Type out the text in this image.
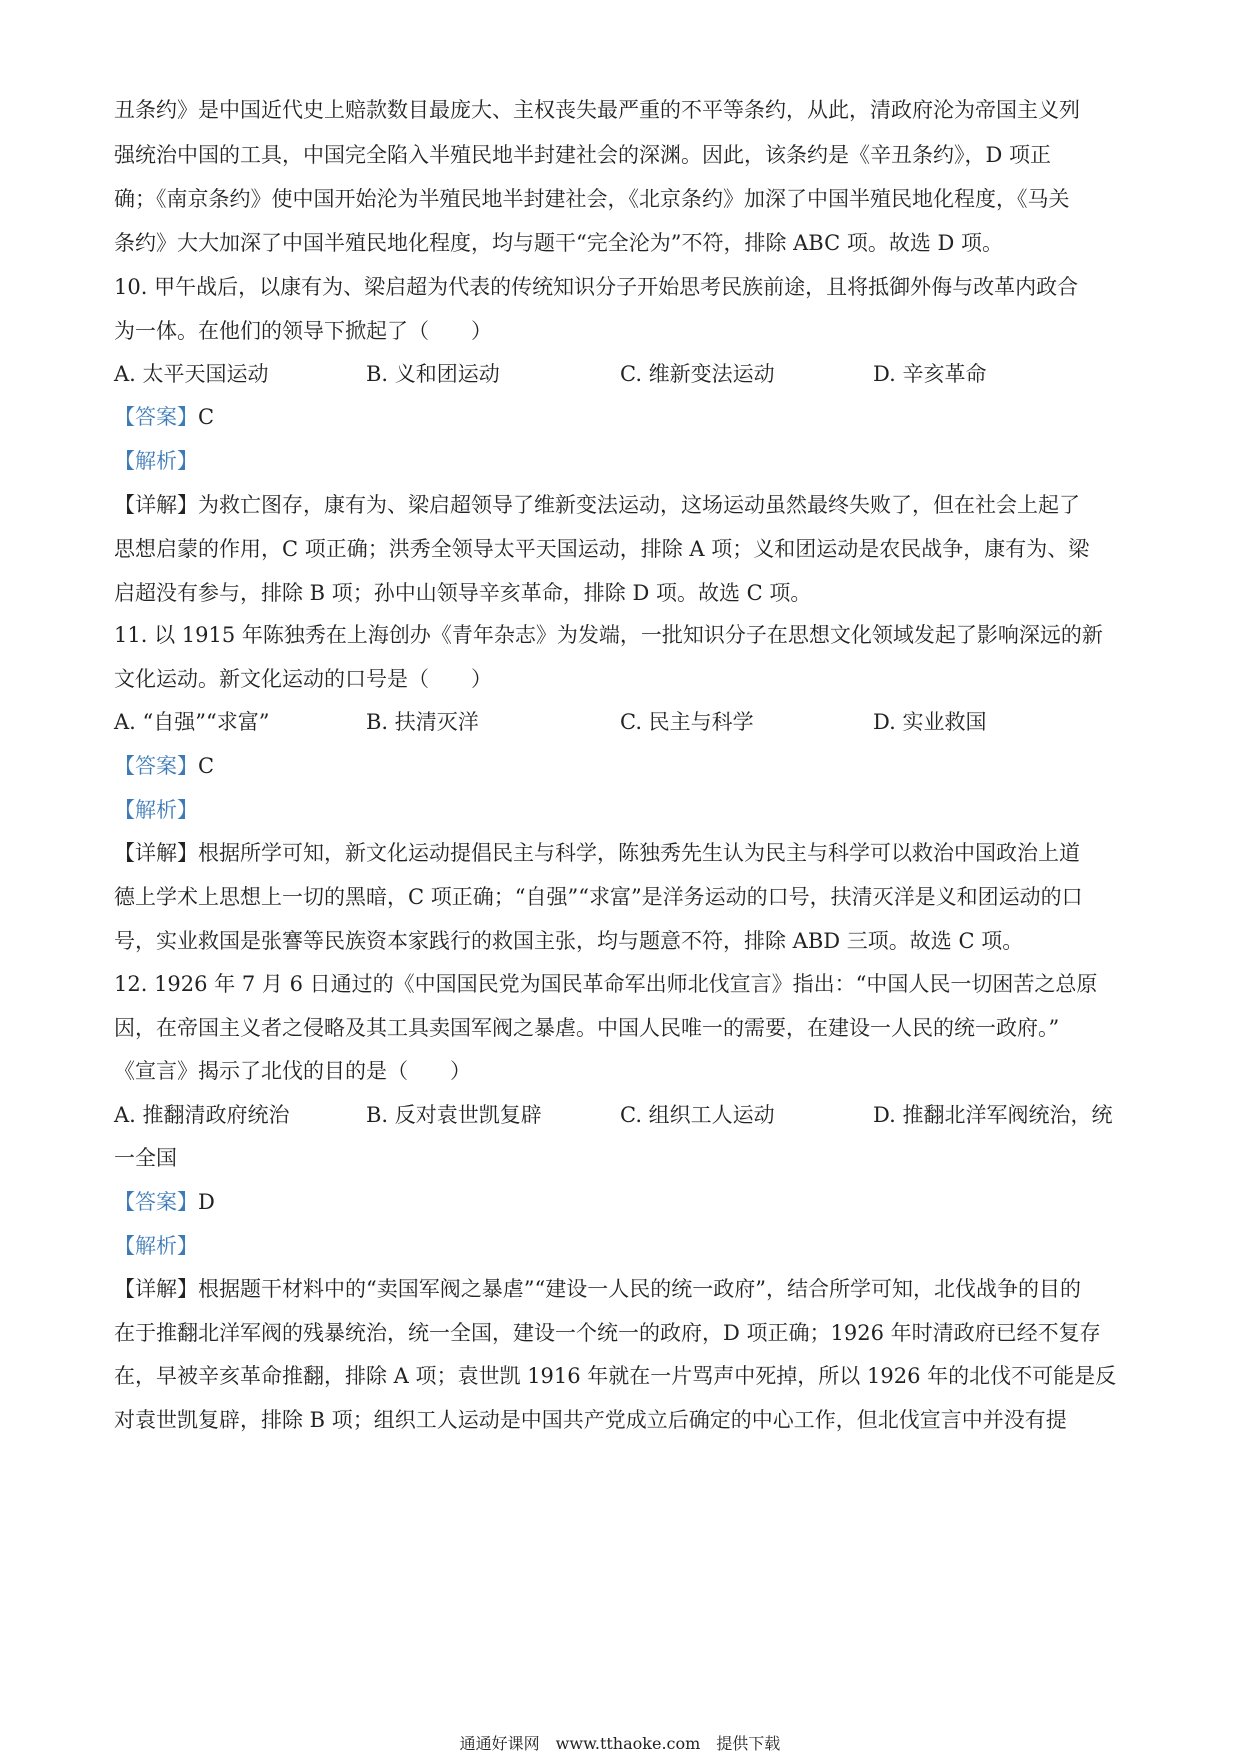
丑条约》是中国近代史上赔款数目最庞大、主权丧失最严重的不平等条约，从此，清政府沦为帝国主义列
强统治中国的工具，中国完全陷入半殖民地半封建社会的深渊。因此，该条约是《辛丑条约》，D 项正
确；《南京条约》使中国开始沦为半殖民地半封建社会，《北京条约》加深了中国半殖民地化程度，《马关
条约》大大加深了中国半殖民地化程度，均与题干“完全沦为”不符，排除 ABC 项。故选 D 项。
10. 甲午战后，以康有为、梁启超为代表的传统知识分子开始思考民族前途，且将抵御外侮与改革内政合
为一体。在他们的领导下掀起了（　　）
A. 太平天国运动	B. 义和团运动	C. 维新变法运动	D. 辛亥革命
【答案】C
【解析】
【详解】为救亡图存，康有为、梁启超领导了维新变法运动，这场运动虽然最终失败了，但在社会上起了
思想启蒙的作用，C 项正确；洪秀全领导太平天国运动，排除 A 项；义和团运动是农民战争，康有为、梁
启超没有参与，排除 B 项；孙中山领导辛亥革命，排除 D 项。故选 C 项。
11. 以 1915 年陈独秀在上海创办《青年杂志》为发端，一批知识分子在思想文化领域发起了影响深远的新
文化运动。新文化运动的口号是（　　）
A. “自强”“求富”	B. 扶清灭洋	C. 民主与科学	D. 实业救国
【答案】C
【解析】
【详解】根据所学可知，新文化运动提倡民主与科学，陈独秀先生认为民主与科学可以救治中国政治上道
德上学术上思想上一切的黑暗，C 项正确；“自强”“求富”是洋务运动的口号，扶清灭洋是义和团运动的口
号，实业救国是张謇等民族资本家践行的救国主张，均与题意不符，排除 ABD 三项。故选 C 项。
12. 1926 年 7 月 6 日通过的《中国国民党为国民革命军出师北伐宣言》指出：“中国人民一切困苦之总原
因，在帝国主义者之侵略及其工具卖国军阀之暴虐。中国人民唯一的需要，在建设一人民的统一政府。”
《宣言》揭示了北伐的目的是（　　）
A. 推翻清政府统治	B. 反对袁世凯复辟	C. 组织工人运动	D. 推翻北洋军阀统治，统
一全国
【答案】D
【解析】
【详解】根据题干材料中的“卖国军阀之暴虐”“建设一人民的统一政府”，结合所学可知，北伐战争的目的
在于推翻北洋军阀的残暴统治，统一全国，建设一个统一的政府，D 项正确；1926 年时清政府已经不复存
在，早被辛亥革命推翻，排除 A 项；袁世凯 1916 年就在一片骂声中死掉，所以 1926 年的北伐不可能是反
对袁世凯复辟，排除 B 项；组织工人运动是中国共产党成立后确定的中心工作，但北伐宣言中并没有提
通通好课网　www.tthaoke.com　提供下载
